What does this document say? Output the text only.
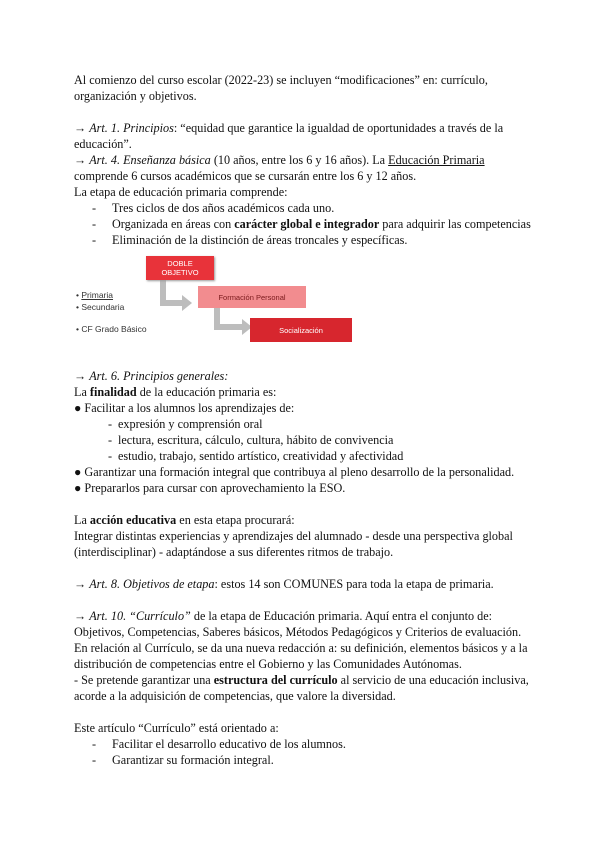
Al comienzo del curso escolar (2022-23) se incluyen “modificaciones” en: currículo,
organización y objetivos.
→ Art. 1. Principios: “equidad que garantice la igualdad de oportunidades a través de la
educación”.
→ Art. 4. Enseñanza básica (10 años, entre los 6 y 16 años). La Educación Primaria
comprende 6 cursos académicos que se cursarán entre los 6 y 12 años.
La etapa de educación primaria comprende:
- Tres ciclos de dos años académicos cada uno.
- Organizada en áreas con carácter global e integrador para adquirir las competencias
- Eliminación de la distinción de áreas troncales y específicas.
DOBLE OBJETIVO
Formación Personal
Socialización
• Primaria
• Secundaria
• CF Grado Básico
→ Art. 6. Principios generales:
La finalidad de la educación primaria es:
● Facilitar a los alumnos los aprendizajes de:
- expresión y comprensión oral
- lectura, escritura, cálculo, cultura, hábito de convivencia
- estudio, trabajo, sentido artístico, creatividad y afectividad
● Garantizar una formación integral que contribuya al pleno desarrollo de la personalidad.
● Prepararlos para cursar con aprovechamiento la ESO.
La acción educativa en esta etapa procurará:
Integrar distintas experiencias y aprendizajes del alumnado - desde una perspectiva global
(interdisciplinar) - adaptándose a sus diferentes ritmos de trabajo.
→ Art. 8. Objetivos de etapa: estos 14 son COMUNES para toda la etapa de primaria.
→ Art. 10. “Currículo” de la etapa de Educación primaria. Aquí entra el conjunto de:
Objetivos, Competencias, Saberes básicos, Métodos Pedagógicos y Criterios de evaluación.
En relación al Currículo, se da una nueva redacción a: su definición, elementos básicos y a la
distribución de competencias entre el Gobierno y las Comunidades Autónomas.
- Se pretende garantizar una estructura del currículo al servicio de una educación inclusiva,
acorde a la adquisición de competencias, que valore la diversidad.
Este artículo “Currículo” está orientado a:
- Facilitar el desarrollo educativo de los alumnos.
- Garantizar su formación integral.
